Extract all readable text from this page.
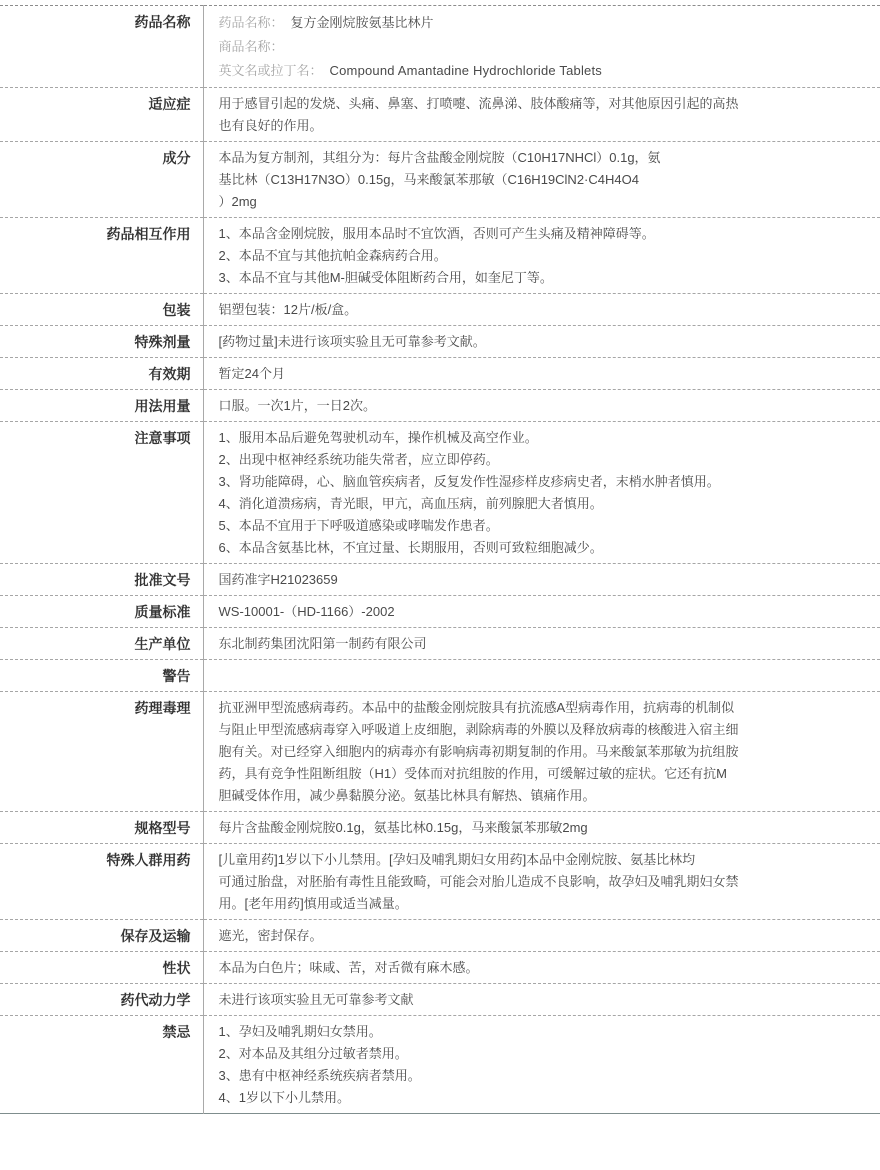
药品名称	药品名称： 复方金刚烷胺氨基比林片
商品名称：
英文名或拉丁名： Compound Amantadine Hydrochloride Tablets

适应症	用于感冒引起的发烧、头痛、鼻塞、打喷嚏、流鼻涕、肢体酸痛等，对其他原因引起的高热
也有良好的作用。

成分	本品为复方制剂，其组分为：每片含盐酸金刚烷胺（C10H17NHCl）0.1g，氨
基比林（C13H17N3O）0.15g，马来酸氯苯那敏（C16H19ClN2·C4H4O4
）2mg

药品相互作用	1、本品含金刚烷胺，服用本品时不宜饮酒，否则可产生头痛及精神障碍等。
2、本品不宜与其他抗帕金森病药合用。
3、本品不宜与其他M-胆碱受体阻断药合用，如奎尼丁等。

包装	铝塑包装：12片/板/盒。

特殊剂量	[药物过量]未进行该项实验且无可靠参考文献。

有效期	暂定24个月

用法用量	口服。一次1片，一日2次。

注意事项	1、服用本品后避免驾驶机动车，操作机械及高空作业。
2、出现中枢神经系统功能失常者，应立即停药。
3、肾功能障碍，心、脑血管疾病者，反复发作性湿疹样皮疹病史者，末梢水肿者慎用。
4、消化道溃疡病，青光眼，甲亢，高血压病，前列腺肥大者慎用。
5、本品不宜用于下呼吸道感染或哮喘发作患者。
6、本品含氨基比林，不宜过量、长期服用，否则可致粒细胞减少。

批准文号	国药准字H21023659

质量标准	WS-10001-（HD-1166）-2002

生产单位	东北制药集团沈阳第一制药有限公司

警告	

药理毒理	抗亚洲甲型流感病毒药。本品中的盐酸金刚烷胺具有抗流感A型病毒作用，抗病毒的机制似
与阻止甲型流感病毒穿入呼吸道上皮细胞，剥除病毒的外膜以及释放病毒的核酸进入宿主细
胞有关。对已经穿入细胞内的病毒亦有影响病毒初期复制的作用。马来酸氯苯那敏为抗组胺
药，具有竞争性阻断组胺（H1）受体而对抗组胺的作用，可缓解过敏的症状。它还有抗M
胆碱受体作用，减少鼻黏膜分泌。氨基比林具有解热、镇痛作用。

规格型号	每片含盐酸金刚烷胺0.1g，氨基比林0.15g，马来酸氯苯那敏2mg

特殊人群用药	[儿童用药]1岁以下小儿禁用。[孕妇及哺乳期妇女用药]本品中金刚烷胺、氨基比林均
可通过胎盘，对胚胎有毒性且能致畸，可能会对胎儿造成不良影响，故孕妇及哺乳期妇女禁
用。[老年用药]慎用或适当减量。

保存及运输	遮光，密封保存。

性状	本品为白色片；味咸、苦，对舌微有麻木感。

药代动力学	未进行该项实验且无可靠参考文献

禁忌	1、孕妇及哺乳期妇女禁用。
2、对本品及其组分过敏者禁用。
3、患有中枢神经系统疾病者禁用。
4、1岁以下小儿禁用。
